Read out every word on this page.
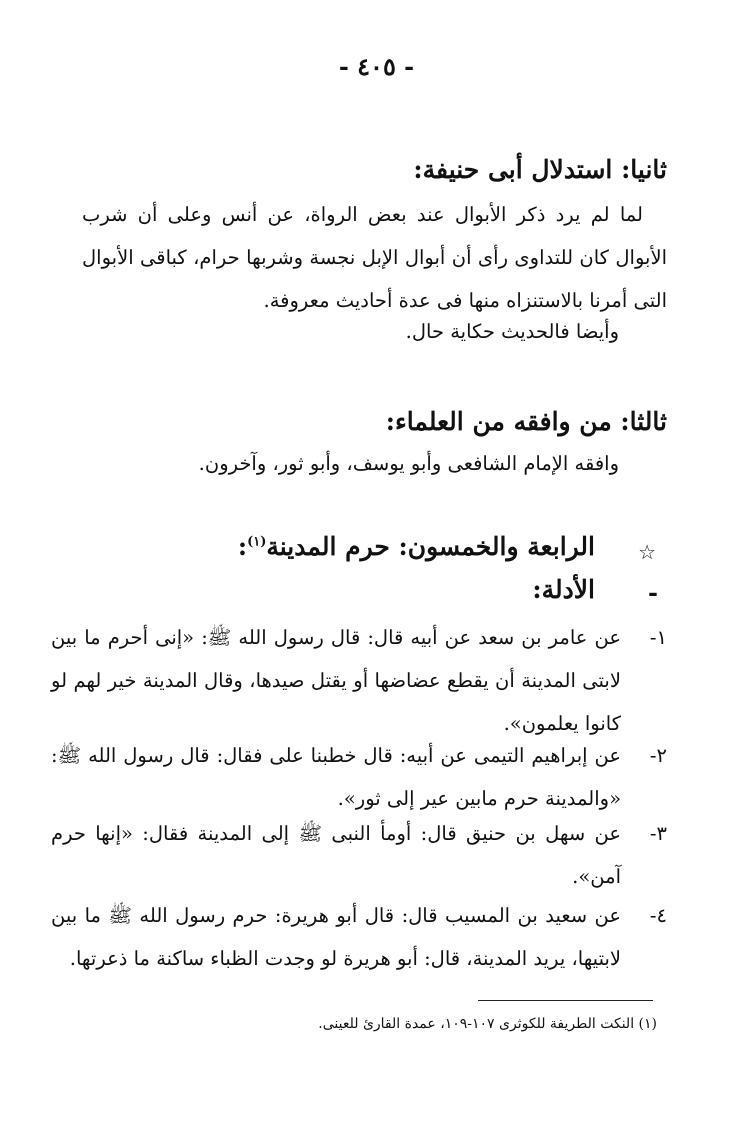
- ٤٠٥ -
ثانيا: استدلال أبى حنيفة:
لما لم يرد ذكر الأبوال عند بعض الرواة، عن أنس وعلى أن شرب الأبوال كان للتداوى رأى أن أبوال الإبل نجسة وشربها حرام، كباقى الأبوال التى أمرنا بالاستنزاه منها فى عدة أحاديث معروفة.
وأيضا فالحديث حكاية حال.
ثالثا: من وافقه من العلماء:
وافقه الإمام الشافعى وأبو يوسف، وأبو ثور، وآخرون.
☆
الرابعة والخمسون: حرم المدينة$^{(١)}$:
-
الأدلة:
١-
عن عامر بن سعد عن أبيه قال: قال رسول الله ﷺ: «إنى أحرم ما بين لابتى المدينة أن يقطع عضاضها أو يقتل صيدها، وقال المدينة خير لهم لو كانوا يعلمون».
٢-
عن إبراهيم التيمى عن أبيه: قال خطبنا على فقال: قال رسول الله ﷺ: «والمدينة حرم مابين عير إلى ثور».
٣-
عن سهل بن حنيق قال: أومأ النبى ﷺ إلى المدينة فقال: «إنها حرم آمن».
٤-
عن سعيد بن المسيب قال: قال أبو هريرة: حرم رسول الله ﷺ ما بين لابتيها، يريد المدينة، قال: أبو هريرة لو وجدت الظباء ساكنة ما ذعرتها.
(١) النكت الطريفة للكوثرى ١٠٧-١٠٩، عمدة القارئ للعينى.
